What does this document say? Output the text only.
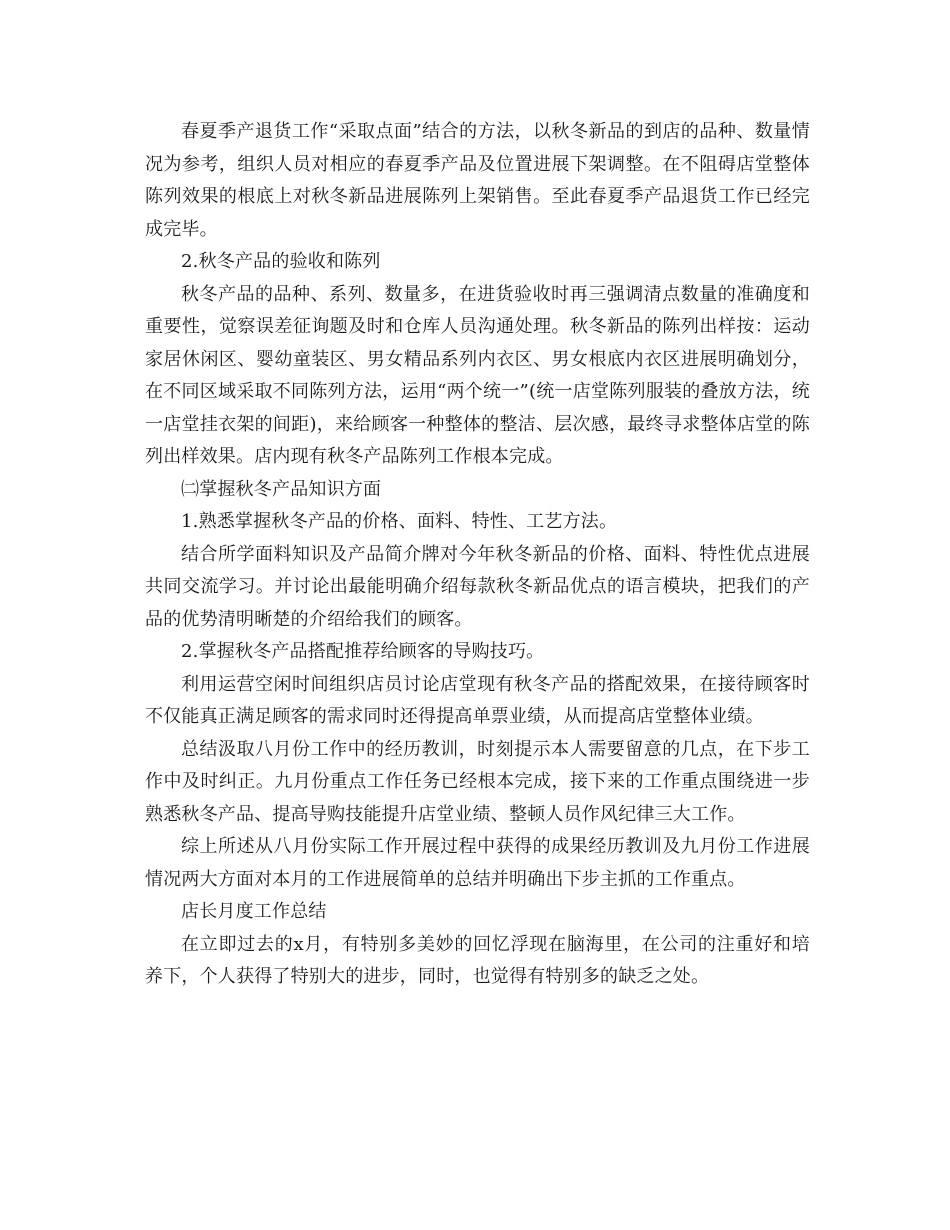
春夏季产退货工作“采取点面”结合的方法，以秋冬新品的到店的品种、数量情况为参考，组织人员对相应的春夏季产品及位置进展下架调整。在不阻碍店堂整体陈列效果的根底上对秋冬新品进展陈列上架销售。至此春夏季产品退货工作已经完成完毕。

2.秋冬产品的验收和陈列

秋冬产品的品种、系列、数量多，在进货验收时再三强调清点数量的准确度和重要性，觉察误差征询题及时和仓库人员沟通处理。秋冬新品的陈列出样按：运动家居休闲区、婴幼童装区、男女精品系列内衣区、男女根底内衣区进展明确划分，在不同区域采取不同陈列方法，运用“两个统一”(统一店堂陈列服装的叠放方法，统一店堂挂衣架的间距)，来给顾客一种整体的整洁、层次感，最终寻求整体店堂的陈列出样效果。店内现有秋冬产品陈列工作根本完成。

㈡掌握秋冬产品知识方面

1.熟悉掌握秋冬产品的价格、面料、特性、工艺方法。

结合所学面料知识及产品简介牌对今年秋冬新品的价格、面料、特性优点进展共同交流学习。并讨论出最能明确介绍每款秋冬新品优点的语言模块，把我们的产品的优势清明晰楚的介绍给我们的顾客。

2.掌握秋冬产品搭配推荐给顾客的导购技巧。

利用运营空闲时间组织店员讨论店堂现有秋冬产品的搭配效果，在接待顾客时不仅能真正满足顾客的需求同时还得提高单票业绩，从而提高店堂整体业绩。

总结汲取八月份工作中的经历教训，时刻提示本人需要留意的几点，在下步工作中及时纠正。九月份重点工作任务已经根本完成，接下来的工作重点围绕进一步熟悉秋冬产品、提高导购技能提升店堂业绩、整顿人员作风纪律三大工作。

综上所述从八月份实际工作开展过程中获得的成果经历教训及九月份工作进展情况两大方面对本月的工作进展简单的总结并明确出下步主抓的工作重点。

店长月度工作总结

在立即过去的x月，有特别多美妙的回忆浮现在脑海里，在公司的注重好和培养下，个人获得了特别大的进步，同时，也觉得有特别多的缺乏之处。
